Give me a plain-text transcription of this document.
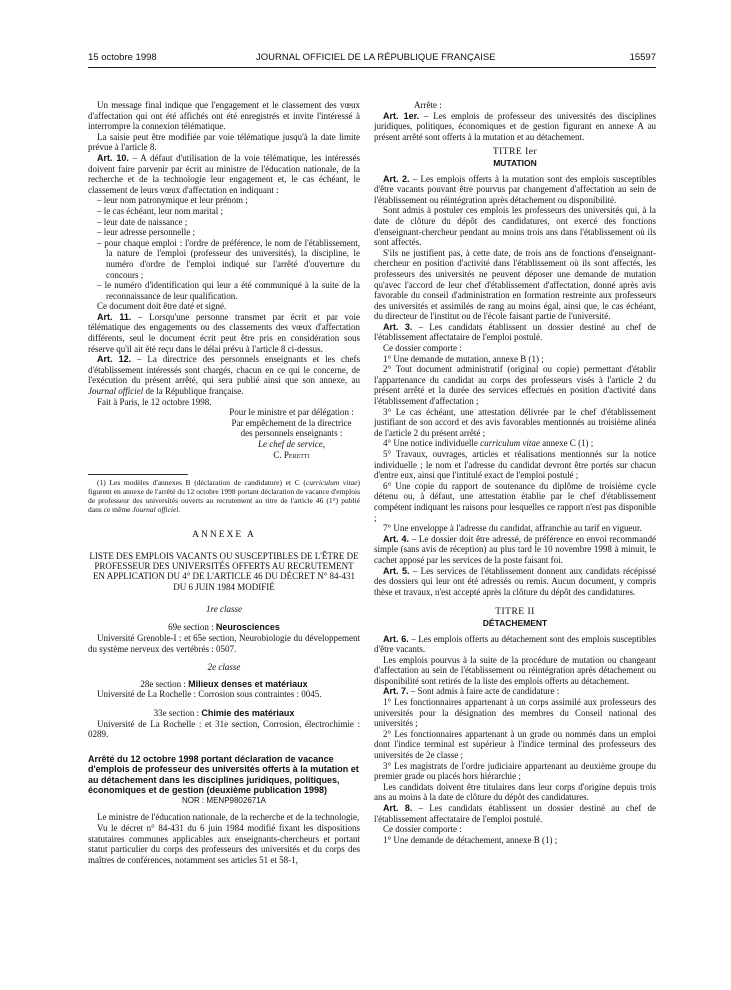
15 octobre 1998	JOURNAL OFFICIEL DE LA RÉPUBLIQUE FRANÇAISE	15597

Un message final indique que l'engagement et le classement des vœux d'affectation qui ont été affichés ont été enregistrés et invite l'intéressé à interrompre la connexion télématique.

La saisie peut être modifiée par voie télématique jusqu'à la date limite prévue à l'article 8.

Art. 10. – A défaut d'utilisation de la voie télématique, les intéressés doivent faire parvenir par écrit au ministre de l'éducation nationale, de la recherche et de la technologie leur engagement et, le cas échéant, le classement de leurs vœux d'affectation en indiquant :

– leur nom patronymique et leur prénom ;

– le cas échéant, leur nom marital ;

– leur date de naissance ;

– leur adresse personnelle ;

– pour chaque emploi : l'ordre de préférence, le nom de l'établissement, la nature de l'emploi (professeur des universités), la discipline, le numéro d'ordre de l'emploi indiqué sur l'arrêté d'ouverture du concours ;

– le numéro d'identification qui leur a été communiqué à la suite de la reconnaissance de leur qualification.

Ce document doit être daté et signé.

Art. 11. – Lorsqu'une personne transmet par écrit et par voie télématique des engagements ou des classements des vœux d'affectation différents, seul le document écrit peut être pris en considération sous réserve qu'il ait été reçu dans le délai prévu à l'article 8 ci-dessus.

Art. 12. – La directrice des personnels enseignants et les chefs d'établissement intéressés sont chargés, chacun en ce qui le concerne, de l'exécution du présent arrêté, qui sera publié ainsi que son annexe, au Journal officiel de la République française.

Fait à Paris, le 12 octobre 1998.

Pour le ministre et par délégation :

Par empêchement de la directrice

des personnels enseignants :

Le chef de service,

C. Peretti

(1) Les modèles d'annexes B (déclaration de candidature) et C (curriculum vitae) figurent en annexe de l'arrêté du 12 octobre 1998 portant déclaration de vacance d'emplois de professeur des universités ouverts au recrutement au titre de l'article 46 (1°) publié dans ce même Journal officiel.

ANNEXE A

LISTE DES EMPLOIS VACANTS OU SUSCEPTIBLES DE L'ÊTRE DE PROFESSEUR DES UNIVERSITÉS OFFERTS AU RECRUTEMENT EN APPLICATION DU 4° DE L'ARTICLE 46 DU DÉCRET N° 84-431 DU 6 JUIN 1984 MODIFIÉ

1re classe

69e section : Neurosciences

Université Grenoble-I : et 65e section, Neurobiologie du développement du système nerveux des vertébrés : 0507.

2e classe

28e section : Milieux denses et matériaux

Université de La Rochelle : Corrosion sous contraintes : 0045.

33e section : Chimie des matériaux

Université de La Rochelle : et 31e section, Corrosion, électrochimie : 0289.

Arrêté du 12 octobre 1998 portant déclaration de vacance d'emplois de professeur des universités offerts à la mutation et au détachement dans les disciplines juridiques, politiques, économiques et de gestion (deuxième publication 1998)

NOR : MENP9802671A

Le ministre de l'éducation nationale, de la recherche et de la technologie,

Vu le décret n° 84-431 du 6 juin 1984 modifié fixant les dispositions statutaires communes applicables aux enseignants-chercheurs et portant statut particulier du corps des professeurs des universités et du corps des maîtres de conférences, notamment ses articles 51 et 58-1,

Arrête :

Art. 1er. – Les emplois de professeur des universités des disciplines juridiques, politiques, économiques et de gestion figurant en annexe A au présent arrêté sont offerts à la mutation et au détachement.

TITRE Ier

MUTATION

Art. 2. – Les emplois offerts à la mutation sont des emplois susceptibles d'être vacants pouvant être pourvus par changement d'affectation au sein de l'établissement ou réintégration après détachement ou disponibilité.

Sont admis à postuler ces emplois les professeurs des universités qui, à la date de clôture du dépôt des candidatures, ont exercé des fonctions d'enseignant-chercheur pendant au moins trois ans dans l'établissement où ils sont affectés.

S'ils ne justifient pas, à cette date, de trois ans de fonctions d'enseignant-chercheur en position d'activité dans l'établissement où ils sont affectés, les professeurs des universités ne peuvent déposer une demande de mutation qu'avec l'accord de leur chef d'établissement d'affectation, donné après avis favorable du conseil d'administration en formation restreinte aux professeurs des universités et assimilés de rang au moins égal, ainsi que, le cas échéant, du directeur de l'institut ou de l'école faisant partie de l'université.

Art. 3. – Les candidats établissent un dossier destiné au chef de l'établissement affectataire de l'emploi postulé.

Ce dossier comporte :

1° Une demande de mutation, annexe B (1) ;

2° Tout document administratif (original ou copie) permettant d'établir l'appartenance du candidat au corps des professeurs visés à l'article 2 du présent arrêté et la durée des services effectués en position d'activité dans l'établissement d'affectation ;

3° Le cas échéant, une attestation délivrée par le chef d'établissement justifiant de son accord et des avis favorables mentionnés au troisième alinéa de l'article 2 du présent arrêté ;

4° Une notice individuelle curriculum vitae annexe C (1) ;

5° Travaux, ouvrages, articles et réalisations mentionnés sur la notice individuelle ; le nom et l'adresse du candidat devront être portés sur chacun d'entre eux, ainsi que l'intitulé exact de l'emploi postulé ;

6° Une copie du rapport de soutenance du diplôme de troisième cycle détenu ou, à défaut, une attestation établie par le chef d'établissement compétent indiquant les raisons pour lesquelles ce rapport n'est pas disponible ;

7° Une enveloppe à l'adresse du candidat, affranchie au tarif en vigueur.

Art. 4. – Le dossier doit être adressé, de préférence en envoi recommandé simple (sans avis de réception) au plus tard le 10 novembre 1998 à minuit, le cachet apposé par les services de la poste faisant foi.

Art. 5. – Les services de l'établissement donnent aux candidats récépissé des dossiers qui leur ont été adressés ou remis. Aucun document, y compris thèse et travaux, n'est accepté après la clôture du dépôt des candidatures.

TITRE II

DÉTACHEMENT

Art. 6. – Les emplois offerts au détachement sont des emplois susceptibles d'être vacants.

Les emplois pourvus à la suite de la procédure de mutation ou changeant d'affectation au sein de l'établissement ou réintégration après détachement ou disponibilité sont retirés de la liste des emplois offerts au détachement.

Art. 7. – Sont admis à faire acte de candidature :

1° Les fonctionnaires appartenant à un corps assimilé aux professeurs des universités pour la désignation des membres du Conseil national des universités ;

2° Les fonctionnaires appartenant à un grade ou nommés dans un emploi dont l'indice terminal est supérieur à l'indice terminal des professeurs des universités de 2e classe ;

3° Les magistrats de l'ordre judiciaire appartenant au deuxième groupe du premier grade ou placés hors hiérarchie ;

Les candidats doivent être titulaires dans leur corps d'origine depuis trois ans au moins à la date de clôture du dépôt des candidatures.

Art. 8. – Les candidats établissent un dossier destiné au chef de l'établissement affectataire de l'emploi postulé.

Ce dossier comporte :

1° Une demande de détachement, annexe B (1) ;
